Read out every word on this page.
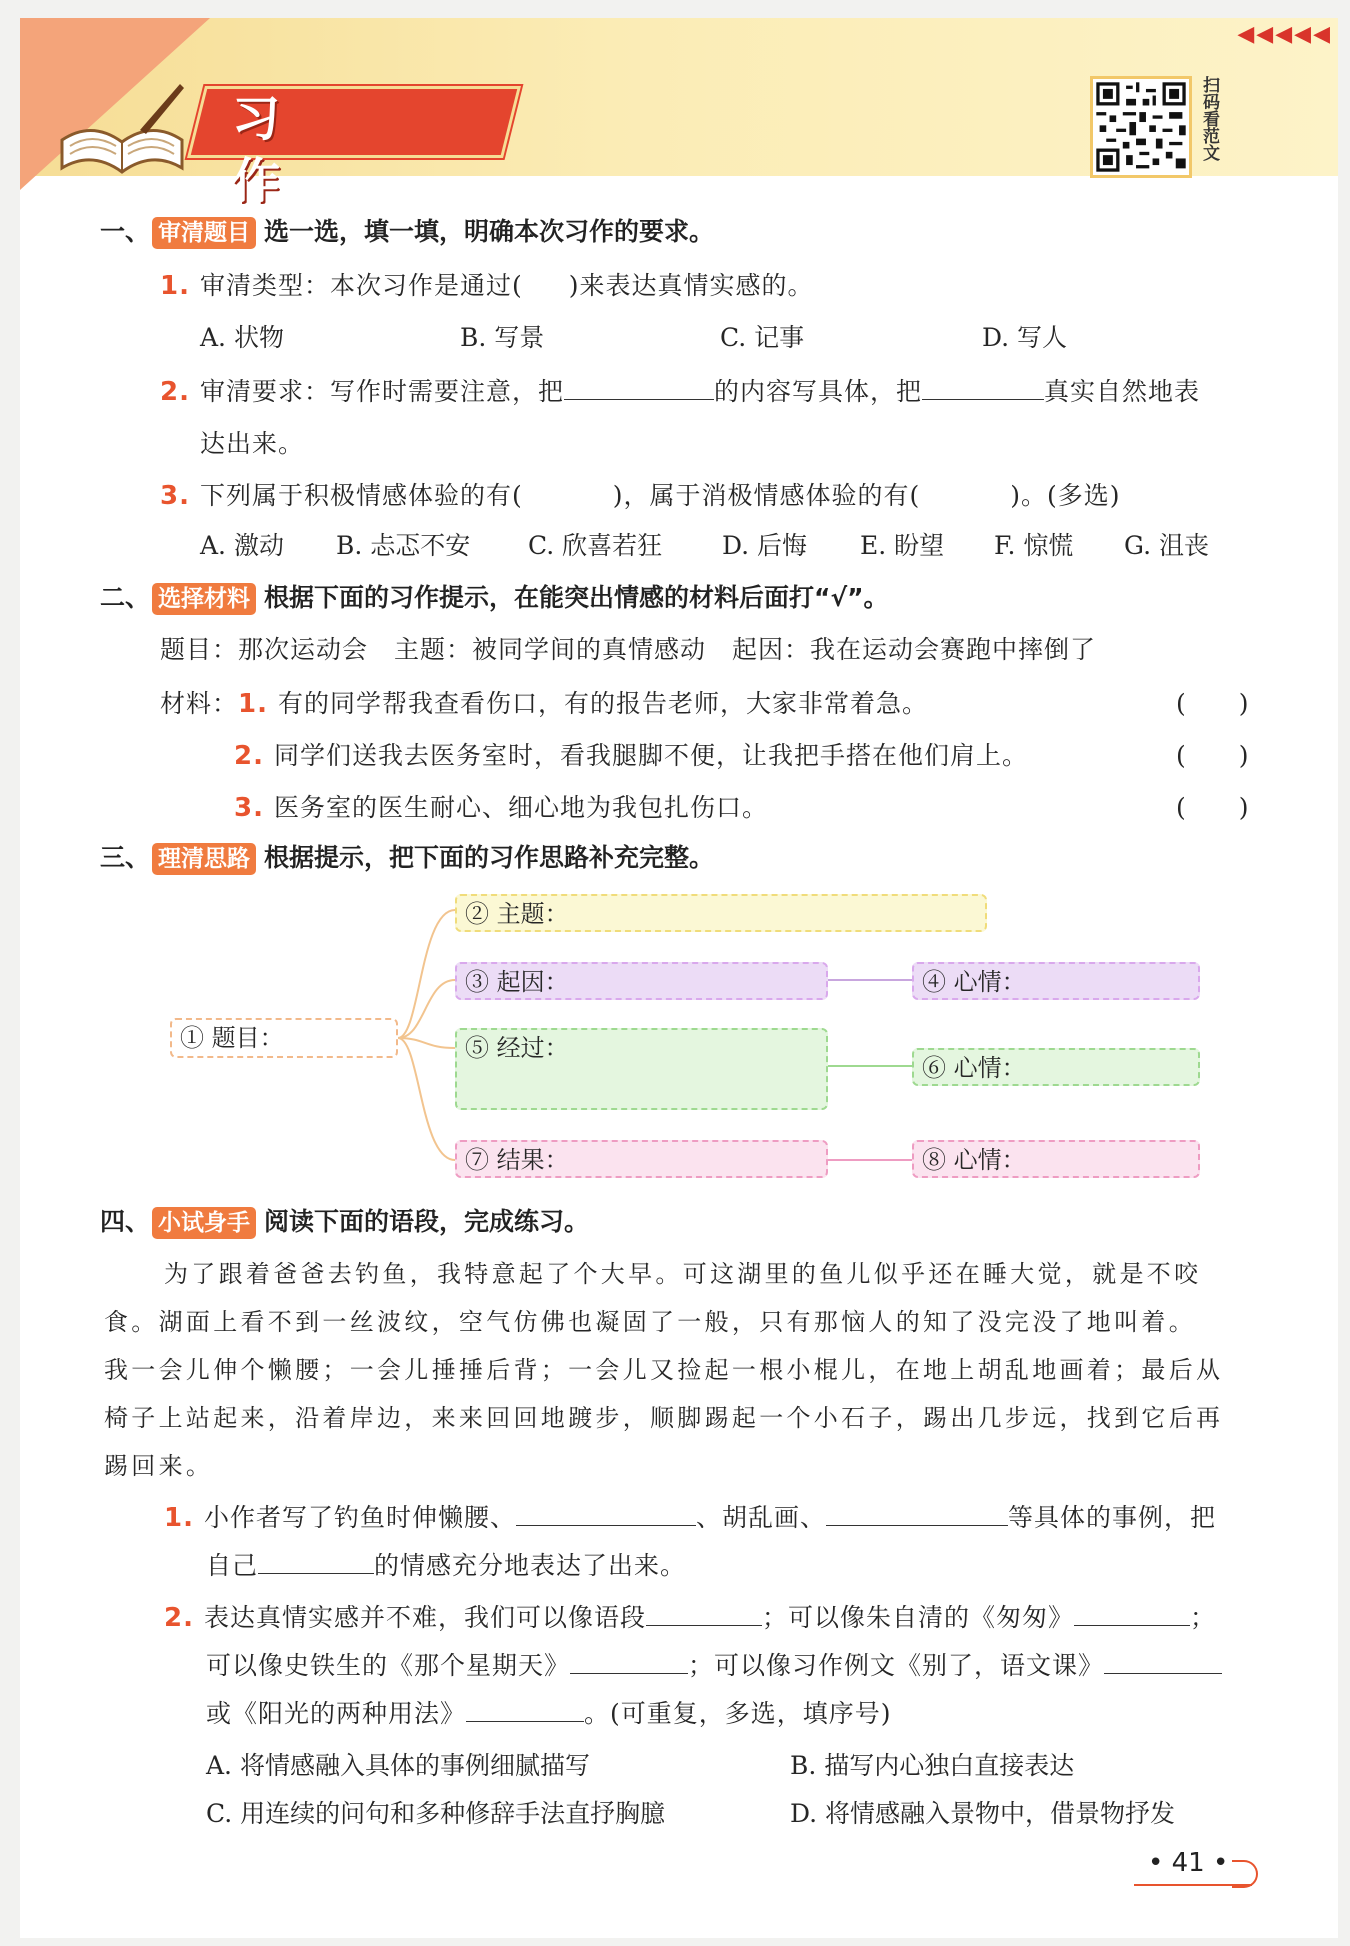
◀◀◀◀◀
习 作
扫码看范文
一、 审清题目 选一选，填一填，明确本次习作的要求。
1. 审清类型：本次习作是通过( )来表达真情实感的。
A. 状物	B. 写景	C. 记事	D. 写人
2. 审清要求：写作时需要注意，把	的内容写具体，把	真实自然地表
达出来。
3. 下列属于积极情感体验的有(	)，属于消极情感体验的有(	)。(多选)
A. 激动 B. 忐忑不安 C. 欣喜若狂 D. 后悔 E. 盼望 F. 惊慌 G. 沮丧
二、 选择材料 根据下面的习作提示，在能突出情感的材料后面打“√”。
题目：那次运动会　主题：被同学间的真情感动　起因：我在运动会赛跑中摔倒了
材料：1. 有的同学帮我查看伤口，有的报告老师，大家非常着急。	(　　)
2. 同学们送我去医务室时，看我腿脚不便，让我把手搭在他们肩上。	(　　)
3. 医务室的医生耐心、细心地为我包扎伤口。	(　　)
三、 理清思路 根据提示，把下面的习作思路补充完整。
① 题目：
② 主题：
③ 起因：	④ 心情：
⑤ 经过：
⑥ 心情：
⑦ 结果：	⑧ 心情：
四、 小试身手 阅读下面的语段，完成练习。
为了跟着爸爸去钓鱼，我特意起了个大早。可这湖里的鱼儿似乎还在睡大觉，就是不咬
食。湖面上看不到一丝波纹，空气仿佛也凝固了一般，只有那恼人的知了没完没了地叫着。
我一会儿伸个懒腰；一会儿捶捶后背；一会儿又捡起一根小棍儿，在地上胡乱地画着；最后从
椅子上站起来，沿着岸边，来来回回地踱步，顺脚踢起一个小石子，踢出几步远，找到它后再
踢回来。
1. 小作者写了钓鱼时伸懒腰、	、胡乱画、	等具体的事例，把
自己	的情感充分地表达了出来。
2. 表达真情实感并不难，我们可以像语段	；可以像朱自清的《匆匆》	；
可以像史铁生的《那个星期天》	；可以像习作例文《别了，语文课》
或《阳光的两种用法》	。(可重复，多选，填序号)
A. 将情感融入具体的事例细腻描写	B. 描写内心独白直接表达
C. 用连续的问句和多种修辞手法直抒胸臆	D. 将情感融入景物中，借景物抒发
• 41 •
